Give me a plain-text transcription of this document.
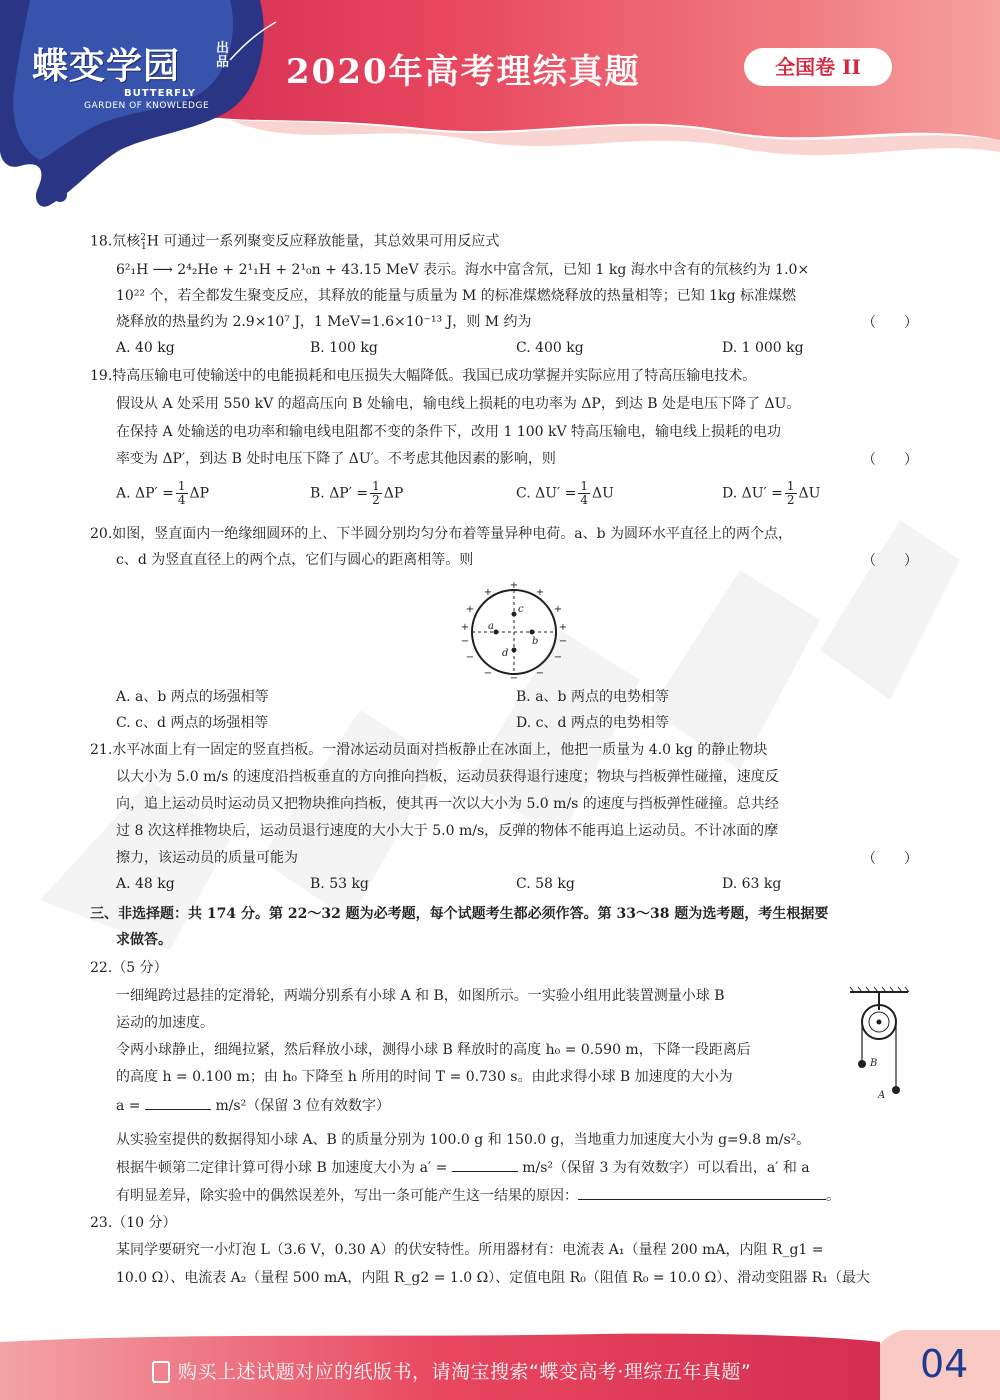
蝶变学园	出品
BUTTERFLY
GARDEN OF KNOWLEDGE
2020年高考理综真题	全国卷 II
18.氘核$^2_1$H 可通过一系列聚变反应释放能量，其总效果可用反应式
6²₁H ⟶ 2⁴₂He + 2¹₁H + 2¹₀n + 43.15 MeV 表示。海水中富含氘，已知 1 kg 海水中含有的氘核约为 1.0×
10²² 个，若全都发生聚变反应，其释放的能量与质量为 M 的标准煤燃烧释放的热量相等；已知 1kg 标准煤燃
烧释放的热量约为 2.9×10⁷ J，1 MeV=1.6×10⁻¹³ J，则 M 约为	（　　）
A. 40 kg	B. 100 kg	C. 400 kg	D. 1 000 kg
19.特高压输电可使输送中的电能损耗和电压损失大幅降低。我国已成功掌握并实际应用了特高压输电技术。
假设从 A 处采用 550 kV 的超高压向 B 处输电，输电线上损耗的电功率为 ΔP，到达 B 处是电压下降了 ΔU。
在保持 A 处输送的电功率和输电线电阻都不变的条件下，改用 1 100 kV 特高压输电，输电线上损耗的电功
率变为 ΔP′，到达 B 处时电压下降了 ΔU′。不考虑其他因素的影响，则	（　　）
A. $\Delta P' = \frac{1}{4}$ ΔP	B. $\Delta P' = \frac{1}{2}$ ΔP	C. $\Delta U' = \frac{1}{4}$ ΔU	D. $\Delta U' = \frac{1}{2}$ ΔU
20.如图，竖直面内一绝缘细圆环的上、下半圆分别均匀分布着等量异种电荷。a、b 为圆环水平直径上的两个点，
c、d 为竖直直径上的两个点，它们与圆心的距离相等。则	（　　）
a
b
c
d
+
+	+
+	+
+	+
−	−
−	−
−	−
−
A. a、b 两点的场强相等	B. a、b 两点的电势相等
C. c、d 两点的场强相等	D. c、d 两点的电势相等
21.水平冰面上有一固定的竖直挡板。一滑冰运动员面对挡板静止在冰面上，他把一质量为 4.0 kg 的静止物块
以大小为 5.0 m/s 的速度沿挡板垂直的方向推向挡板，运动员获得退行速度；物块与挡板弹性碰撞，速度反
向，追上运动员时运动员又把物块推向挡板，使其再一次以大小为 5.0 m/s 的速度与挡板弹性碰撞。总共经
过 8 次这样推物块后，运动员退行速度的大小大于 5.0 m/s，反弹的物体不能再追上运动员。不计冰面的摩
擦力，该运动员的质量可能为	（　　）
A. 48 kg	B. 53 kg	C. 58 kg	D. 63 kg
三、非选择题：共 174 分。第 22～32 题为必考题，每个试题考生都必须作答。第 33～38 题为选考题，考生根据要
求做答。
22.（5 分）
一细绳跨过悬挂的定滑轮，两端分别系有小球 A 和 B，如图所示。一实验小组用此装置测量小球 B
运动的加速度。
令两小球静止，细绳拉紧，然后释放小球，测得小球 B 释放时的高度 h₀ = 0.590 m，下降一段距离后
的高度 h = 0.100 m；由 h₀ 下降至 h 所用的时间 T = 0.730 s。由此求得小球 B 加速度的大小为
a =	m/s²（保留 3 位有效数字）
B
A
从实验室提供的数据得知小球 A、B 的质量分别为 100.0 g 和 150.0 g，当地重力加速度大小为 g=9.8 m/s²。
根据牛顿第二定律计算可得小球 B 加速度大小为 a′ =	m/s²（保留 3 为有效数字）可以看出，a′ 和 a
有明显差异，除实验中的偶然误差外，写出一条可能产生这一结果的原因：	。
23.（10 分）
某同学要研究一小灯泡 L（3.6 V，0.30 A）的伏安特性。所用器材有：电流表 A₁（量程 200 mA，内阻 R_g1 =
10.0 Ω）、电流表 A₂（量程 500 mA，内阻 R_g2 = 1.0 Ω）、定值电阻 R₀（阻值 R₀ = 10.0 Ω）、滑动变阻器 R₁（最大
购买上述试题对应的纸版书，请淘宝搜索“蝶变高考·理综五年真题”	04
